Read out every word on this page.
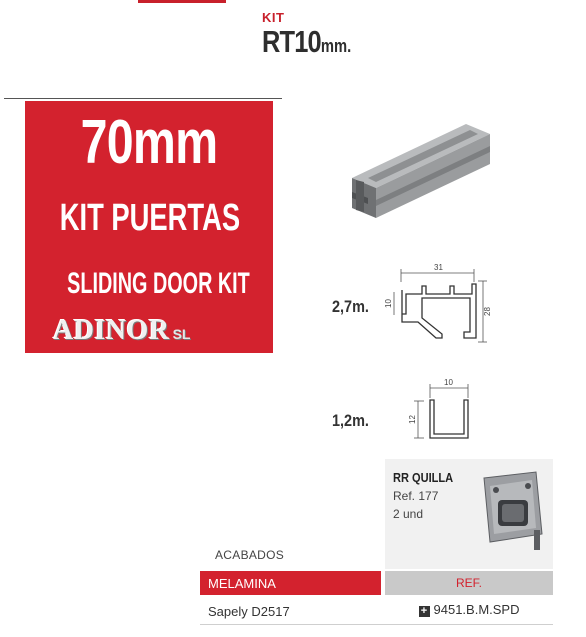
KIT
RT10mm.
70mm
KIT PUERTAS
SLIDING DOOR KIT
ADINOR SL
31
28
10
2,7m.
10
12
1,2m.
RR QUILLA
Ref. 177
2 und
ACABADOS
MELAMINA	REF.
Sapely D2517	+ 9451.B.M.SPD
